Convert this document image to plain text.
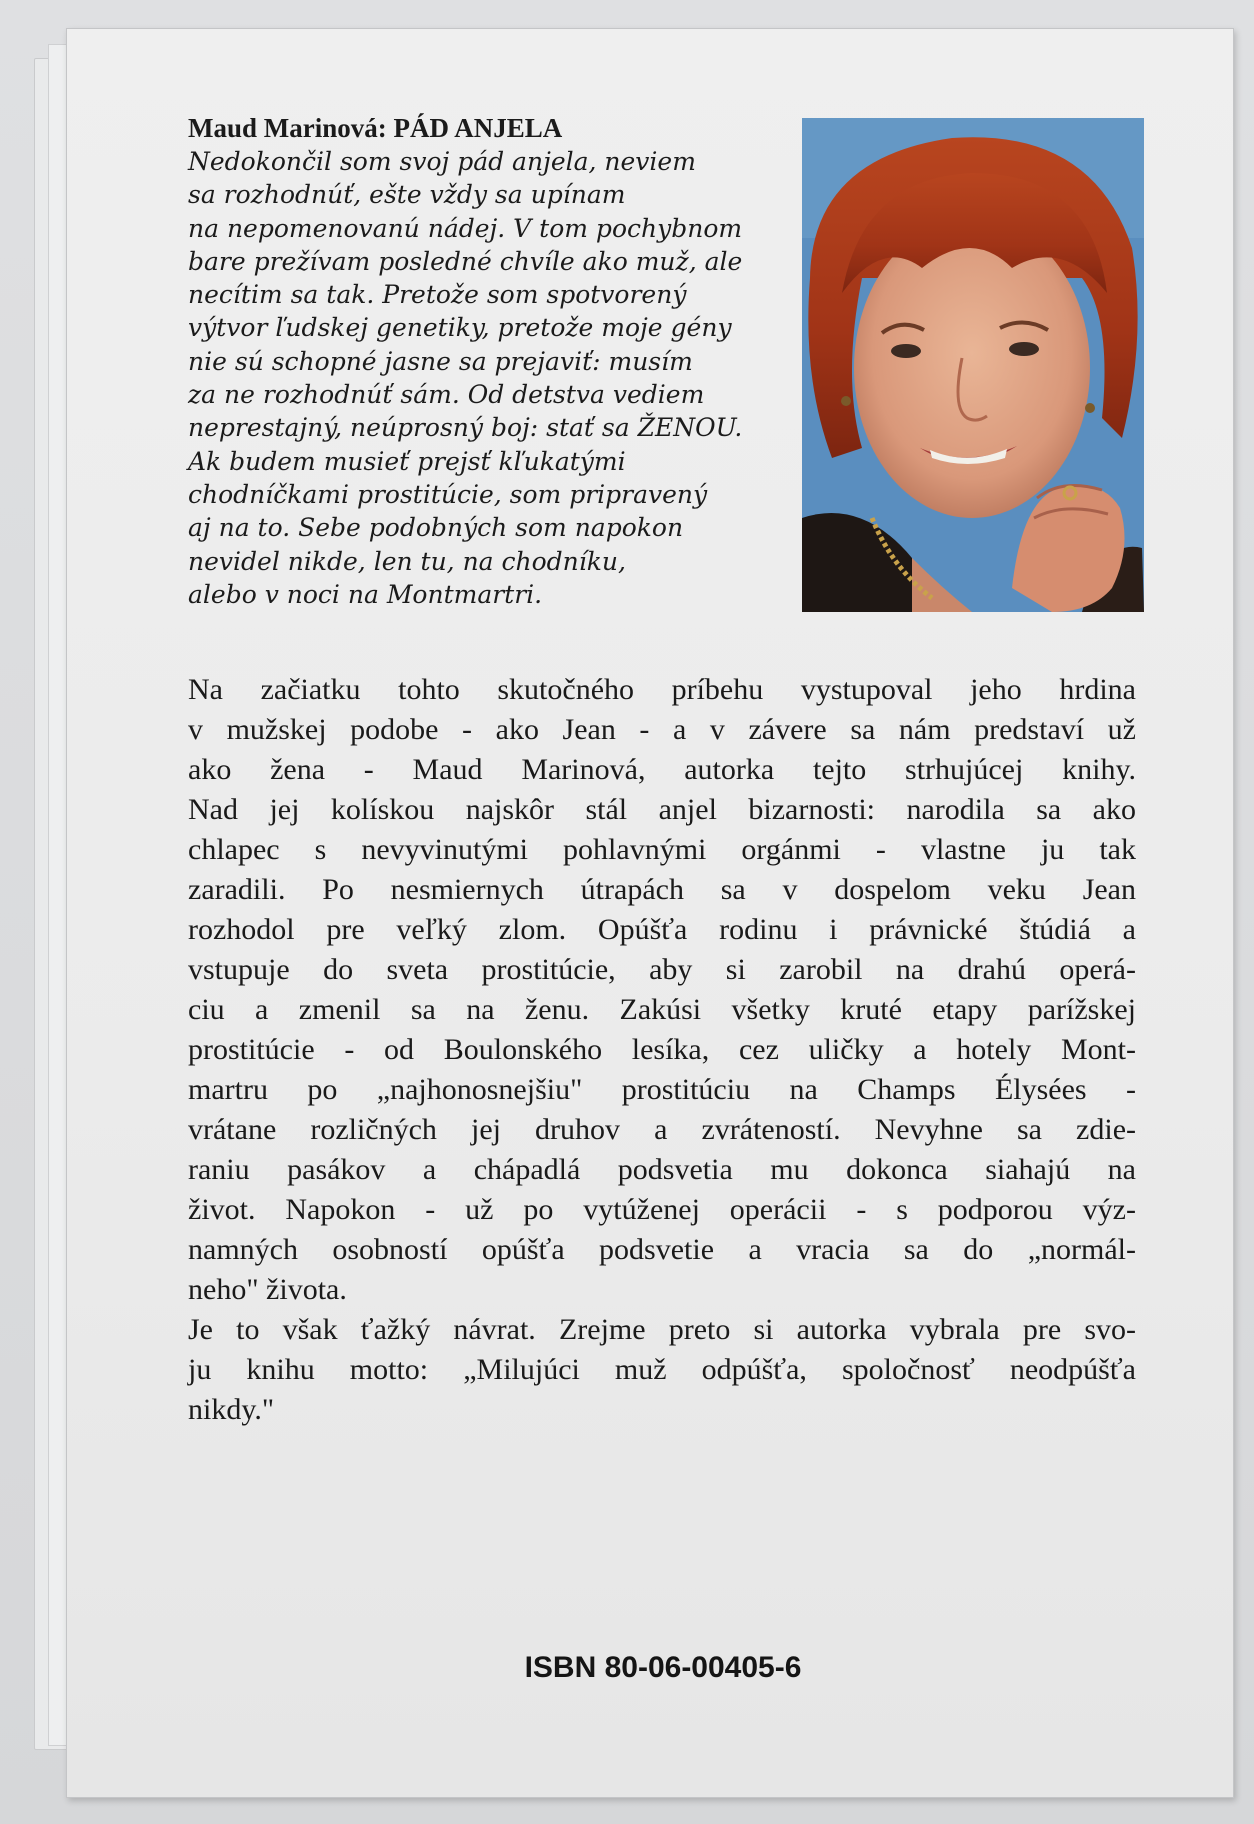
Maud Marinová: PÁD ANJELA

Nedokončil som svoj pád anjela, neviem
sa rozhodnúť, ešte vždy sa upínam
na nepomenovanú nádej. V tom pochybnom
bare prežívam posledné chvíle ako muž, ale
necítim sa tak. Pretože som spotvorený
výtvor ľudskej genetiky, pretože moje gény
nie sú schopné jasne sa prejaviť: musím
za ne rozhodnúť sám. Od detstva vediem
neprestajný, neúprosný boj: stať sa ŽENOU.
Ak budem musieť prejsť kľukatými
chodníčkami prostitúcie, som pripravený
aj na to. Sebe podobných som napokon
nevidel nikde, len tu, na chodníku,
alebo v noci na Montmartri.
Na začiatku tohto skutočného príbehu vystupoval jeho hrdina
v mužskej podobe - ako Jean - a v závere sa nám predstaví už
ako žena - Maud Marinová, autorka tejto strhujúcej knihy.
Nad jej kolískou najskôr stál anjel bizarnosti: narodila sa ako
chlapec s nevyvinutými pohlavnými orgánmi - vlastne ju tak
zaradili. Po nesmiernych útrapách sa v dospelom veku Jean
rozhodol pre veľký zlom. Opúšťa rodinu i právnické štúdiá a
vstupuje do sveta prostitúcie, aby si zarobil na drahú operá-
ciu a zmenil sa na ženu. Zakúsi všetky kruté etapy parížskej
prostitúcie - od Boulonského lesíka, cez uličky a hotely Mont-
martru po „najhonosnejšiu" prostitúciu na Champs Élysées -
vrátane rozličných jej druhov a zvráteností. Nevyhne sa zdie-
raniu pasákov a chápadlá podsvetia mu dokonca siahajú na
život. Napokon - už po vytúženej operácii - s podporou výz-
namných osobností opúšťa podsvetie a vracia sa do „normál-
neho" života.
Je to však ťažký návrat. Zrejme preto si autorka vybrala pre svo-
ju knihu motto: „Milujúci muž odpúšťa, spoločnosť neodpúšťa
nikdy."
ISBN 80-06-00405-6
